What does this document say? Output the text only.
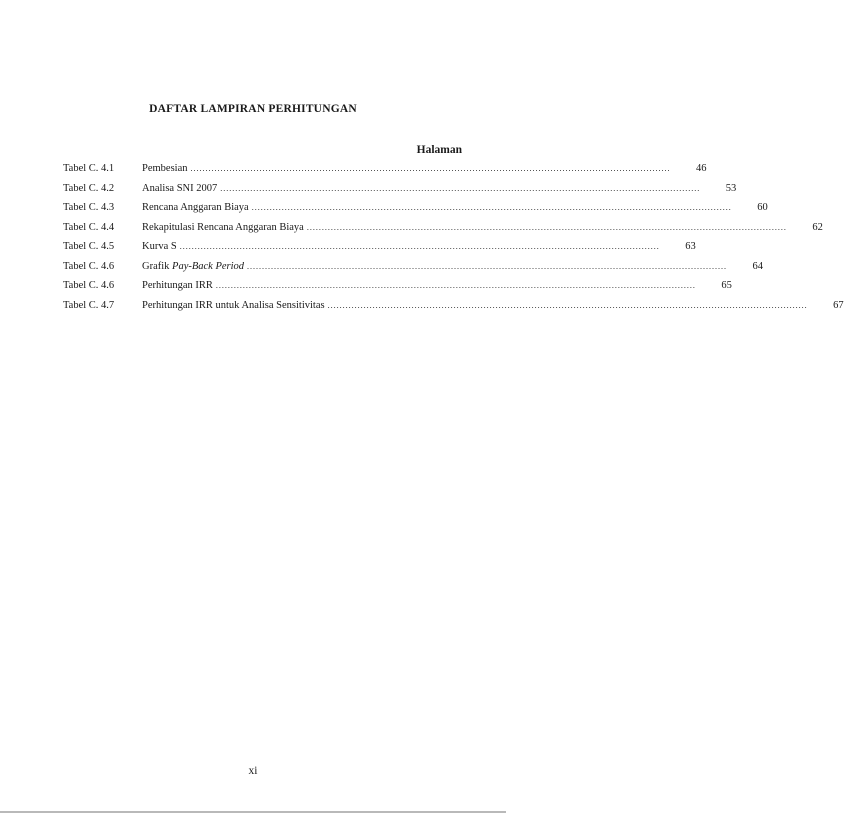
DAFTAR LAMPIRAN PERHITUNGAN
Halaman
Tabel C. 4.1	Pembesian ................................................................................................................................................................	46
Tabel C. 4.2	Analisa SNI 2007 ................................................................................................................................................................	53
Tabel C. 4.3	Rencana Anggaran Biaya ................................................................................................................................................................	60
Tabel C. 4.4	Rekapitulasi Rencana Anggaran Biaya ................................................................................................................................................................	62
Tabel C. 4.5	Kurva S ................................................................................................................................................................	63
Tabel C. 4.6	Grafik Pay-Back Period ................................................................................................................................................................	64
Tabel C. 4.6	Perhitungan IRR ................................................................................................................................................................	65
Tabel C. 4.7	Perhitungan IRR untuk Analisa Sensitivitas ................................................................................................................................................................	67
xi
